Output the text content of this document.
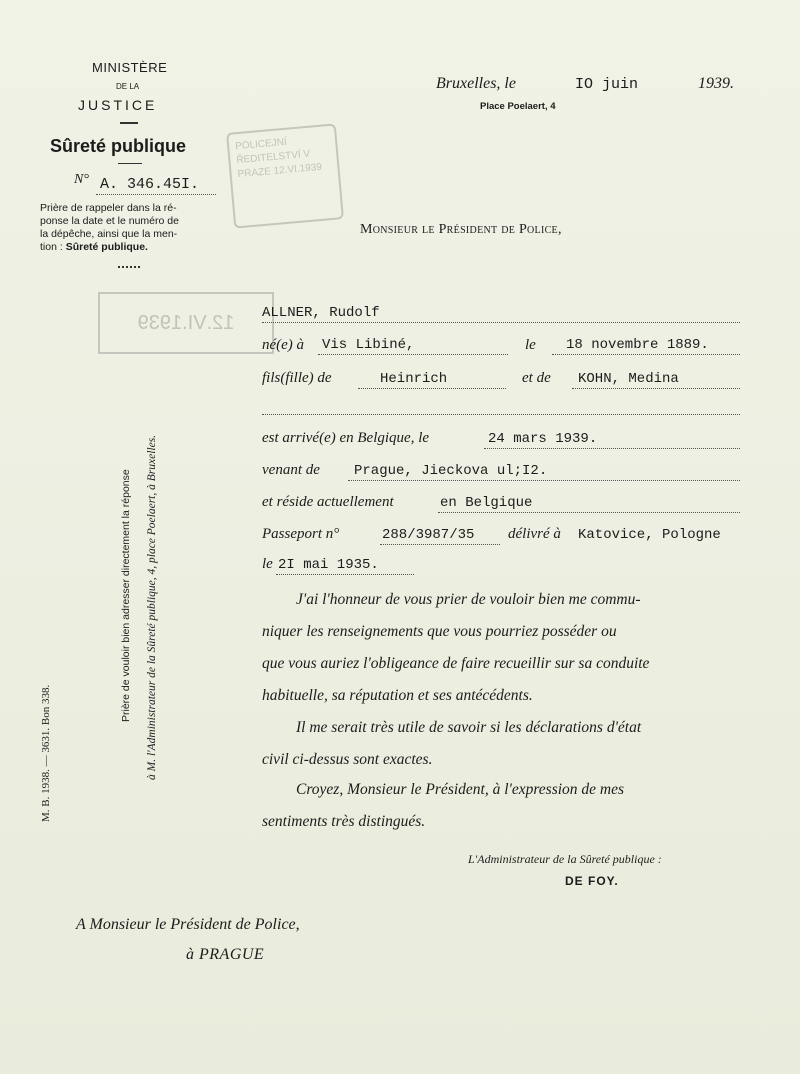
POLICEJNÍ ŘEDITELSTVÍ V PRAZE 12.VI.1939
12.VI.1939
MINISTÈRE
DE LA
JUSTICE
Sûreté publique
N° A. 346.45I.
Prière de rappeler dans la ré-
ponse la date et le numéro de
la dépêche, ainsi que la men-
tion : Sûreté publique.
Bruxelles, le	IO juin	1939.
Place Poelaert, 4
Monsieur le Président de Police,
ALLNER, Rudolf
né(e) à Vis Libiné,	le 18 novembre 1889.
fils(fille) de	Heinrich	et de KOHN, Medina
est arrivé(e) en Belgique, le	24 mars 1939.
venant de Prague, Jieckova ul;I2.
et réside actuellement	en Belgique
Passeport n°	288/3987/35 délivré à Katovice, Pologne
le 2I mai 1935.
J'ai l'honneur de vous prier de vouloir bien me commu-
niquer les renseignements que vous pourriez posséder ou
que vous auriez l'obligeance de faire recueillir sur sa conduite
habituelle, sa réputation et ses antécédents.
Il me serait très utile de savoir si les déclarations d'état
civil ci-dessus sont exactes.
Croyez, Monsieur le Président, à l'expression de mes
sentiments très distingués.
L'Administrateur de la Sûreté publique :
DE FOY.
A Monsieur le Président de Police,
à PRAGUE
Prière de vouloir bien adresser directement la réponse à M. l'Administrateur de la Sûreté publique, 4, place Poelaert, à Bruxelles.
M. B. 1938. — 3631. Bon 338.
